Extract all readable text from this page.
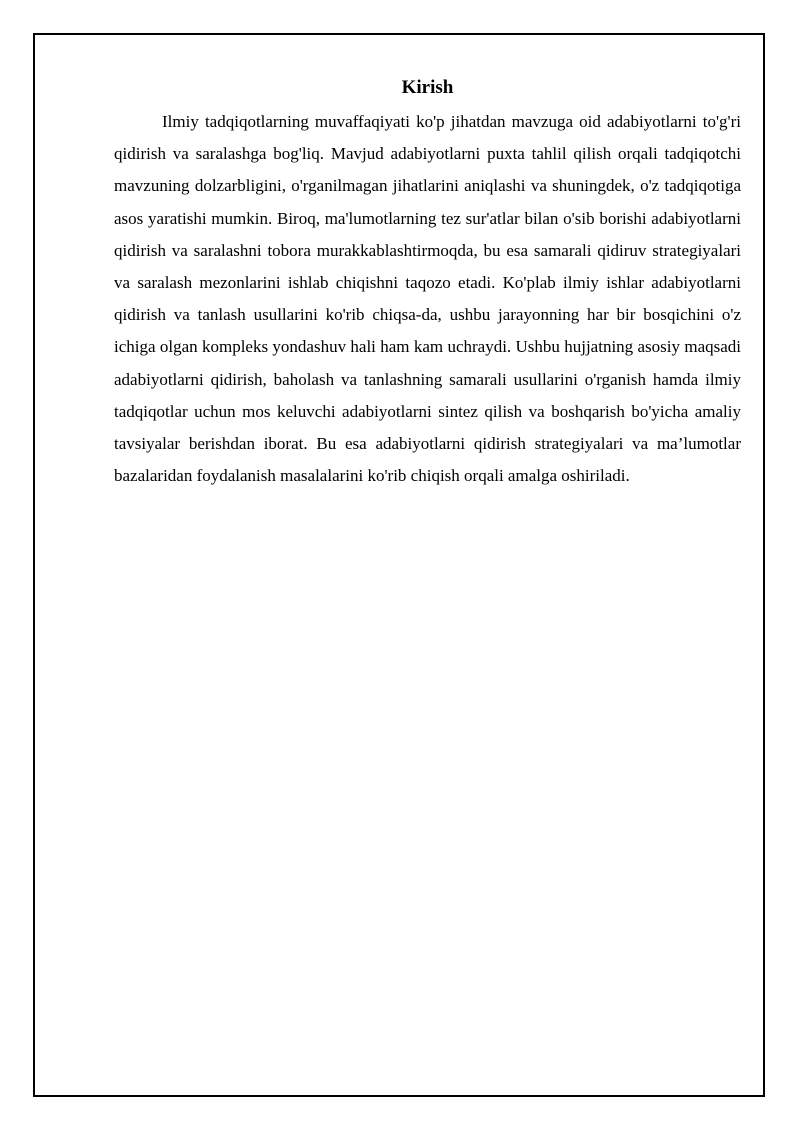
Kirish

Ilmiy tadqiqotlarning muvaffaqiyati ko'p jihatdan mavzuga oid adabiyotlarni to'g'ri qidirish va saralashga bog'liq. Mavjud adabiyotlarni puxta tahlil qilish orqali tadqiqotchi mavzuning dolzarbligini, o'rganilmagan jihatlarini aniqlashi va shuningdek, o'z tadqiqotiga asos yaratishi mumkin. Biroq, ma'lumotlarning tez sur'atlar bilan o'sib borishi adabiyotlarni qidirish va saralashni tobora murakkablashtirmoqda, bu esa samarali qidiruv strategiyalari va saralash mezonlarini ishlab chiqishni taqozo etadi. Ko'plab ilmiy ishlar adabiyotlarni qidirish va tanlash usullarini ko'rib chiqsa-da, ushbu jarayonning har bir bosqichini o'z ichiga olgan kompleks yondashuv hali ham kam uchraydi. Ushbu hujjatning asosiy maqsadi adabiyotlarni qidirish, baholash va tanlashning samarali usullarini o'rganish hamda ilmiy tadqiqotlar uchun mos keluvchi adabiyotlarni sintez qilish va boshqarish bo'yicha amaliy tavsiyalar berishdan iborat. Bu esa adabiyotlarni qidirish strategiyalari va ma’lumotlar bazalaridan foydalanish masalalarini ko'rib chiqish orqali amalga oshiriladi.
